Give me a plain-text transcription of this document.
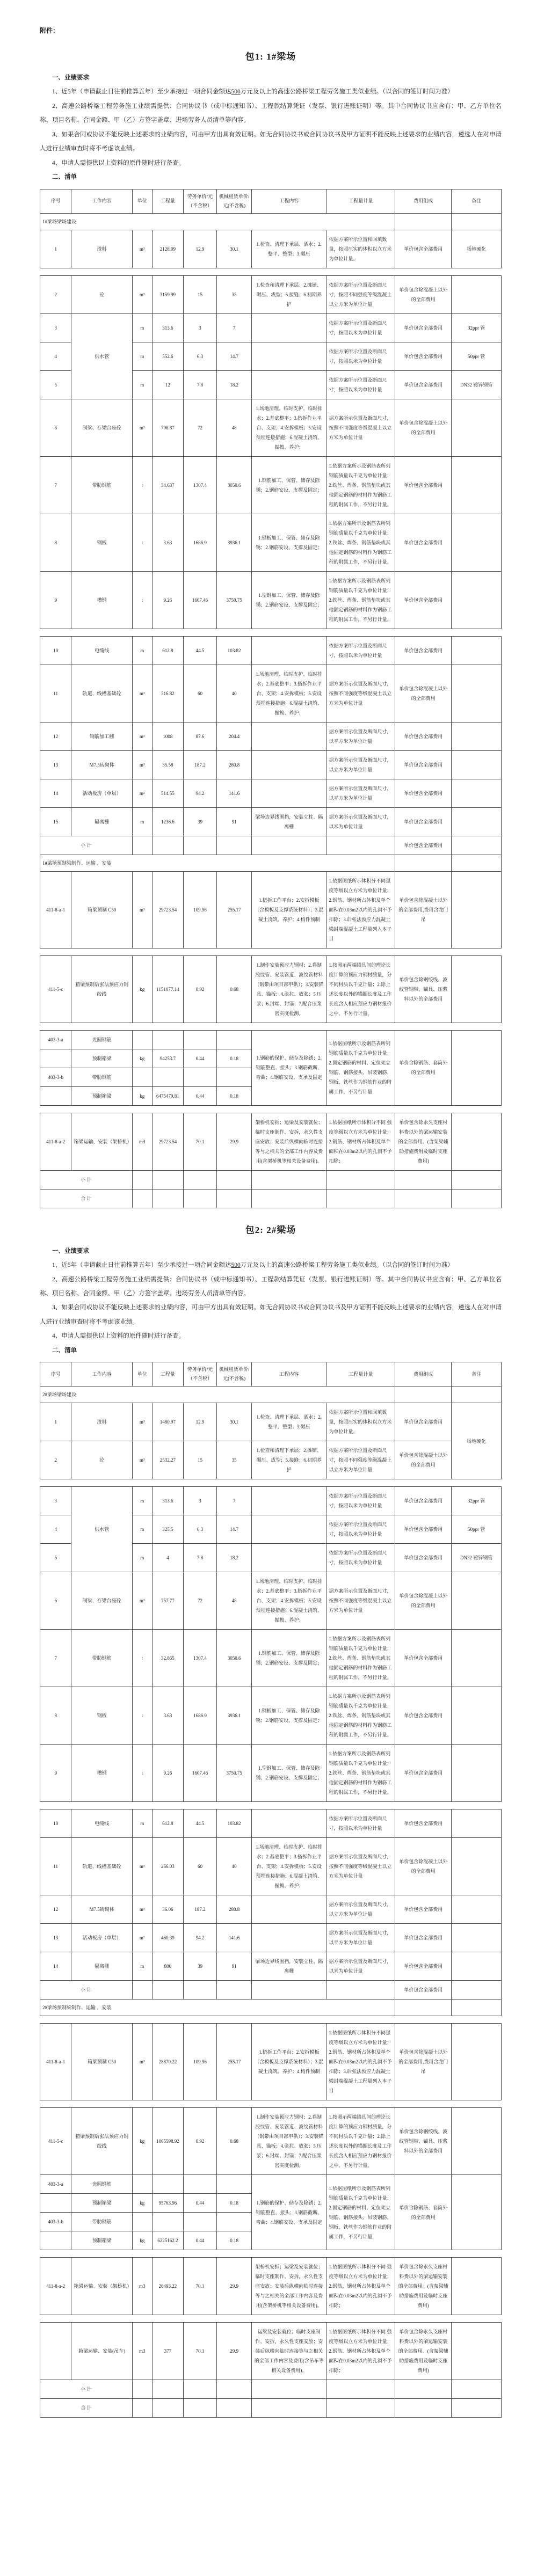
附件：

包1: 1#梁场

一、业绩要求

1、近5年（申请截止日往前推算五年）至少承接过一项合同金额达500万元及以上的高速公路桥梁工程劳务施工类似业绩。（以合同的签订时间为准）

2、高速公路桥梁工程劳务施工业绩需提供：合同协议书（或中标通知书）、工程款结算凭证（发票、银行进账证明）等。其中合同协议书应含有：甲、乙方单位名称、项目名称、合同金额、甲（乙）方签字盖章、进场劳务人员清单等内容。

3、如果合同或协议不能反映上述要求的业绩内容，可由甲方出具有效证明。如无合同协议书或合同协议书及甲方证明不能反映上述要求的业绩内容，遴选人在对申请人进行业绩审查时将不考虑该业绩。

4、申请人需提供以上资料的原件随时进行备查。

二、清单

序号	工作内容	单位	工程量	劳务单价/元（不含税）	机械租赁单价/元(不含税)	工程内容	工程量计量	费用组成	备注
1#梁场梁场建设									
1	渣料	m³	2128.09	12.9	30.1	1.检查、清理下承层、洒水；2.整平、整型；3.碾压	依据方案所示位置和回填数量，按照压实的体积以立方米为单位计量。	单价包含全部费用	场地硬化

2	砼	m³	3159.99	15	35	1.检查和清理下承层；2.摊铺、碾压、成型；5.接缝；6.初期养护	依据方案所示位置及断面尺寸，按照不同强度等级混凝土以立方米为单位计量	单价包含除混凝土以外的全部费用	
3	供水管	m	313.6	3	7		依据方案所示位置及断面尺寸，按照以米为单位计量	单价包含全部费用	32ppr 管
4		m	552.6	6.3	14.7		依据方案所示位置及断面尺寸，按照以米为单位计量	单价包含全部费用	50ppr 管
5		m	12	7.8	18.2		依据方案所示位置及断面尺寸，按照以米为单位计量	单价包含全部费用	DN32 镀锌钢管
6	制梁、存梁台座砼	m³	798.87	72	48	1.场地清理、临时支护、临时排水；2.基底整平；3.搭拆作业平台、支架；4.安拆模板；5.安设预埋连接措施；6.混凝土浇筑、振捣、养护；	据方案所示位置及断面尺寸，按照不同强度等级混凝土以立方米为单位计量	单价包含除混凝土以外的全部费用	
7	带肋钢筋	t	34.637	1307.4	3050.6	1.钢筋加工、保管、储存及除锈；2.钢筋安设、支撑及固定；	1.依据方案所示及钢筋表所列钢筋质量以千克为单位计量；2.铁丝、焊条、钢筋垫块或其他固定钢筋的材料作为钢筋工程的附属工作，不另行计量。	单价包含全部费用	
8	钢板	t	3.63	1686.9	3936.1	1.钢板加工、保管、储存及除锈；2.钢筋安设、支撑及固定；	1.依据方案所示及钢筋表所列钢筋质量以千克为单位计量；2.铁丝、焊条、钢筋垫块或其他固定钢筋的材料作为钢筋工程的附属工作，不另行计量。	单价包含全部费用	
9	槽钢	t	9.26	1607.46	3750.75	1.型钢加工、保管、储存及除锈；2.钢筋安设、支撑及固定；	1.依据方案所示及钢筋表所列钢筋质量以千克为单位计量；2.铁丝、焊条、钢筋垫块或其他固定钢筋的材料作为钢筋工程的附属工作，不另行计量。	单价包含全部费用	

10	电缆线	m	612.8	44.5	103.82		依据方案所示位置及断面尺寸，按照以米为单位计量	单价包含全部费用	
11	轨道、线槽基础砼	m³	316.82	60	40	1.场地清理、临时支护、临时排水；2.基底整平；3.搭拆作业平台、支架；4.安拆模板；5.安设预埋连接措施；6.混凝土浇筑、振捣、养护；	据方案所示位置及断面尺寸，按照不同强度等级混凝土以立方米为单位计量	单价包含除混凝土以外的全部费用	
12	钢筋加工棚	m²	1008	87.6	204.4		据方案所示位置及断面尺寸，以平方米为单位计量	单价包含全部费用	
13	M7.5砖砌体	m³	35.58	187.2	280.8		据方案所示位置及断面尺寸，以立方米为单位计量	单价包含全部费用	
14	活动板房（单层）	m²	514.55	94.2	141.6		据方案所示位置及断面尺寸，以平方米为单位计量	单价包含全部费用	
15	隔离栅	m	1236.6	39	91	梁场边界线围挡，安装立柱、隔离栅	据方案所示位置及断面尺寸，以米为单位计量	单价包含全部费用	
小 计								单价包含全部费用	
1#梁场预制梁制作、运输 、安装									
411-8-a-1	箱梁预制 C50	m³	29723.54	109.96	255.17	1.搭拆工作平台；2.安拆模板（含模板及支撑系统材料）；3.混凝土浇筑、养护；4.构件预制	1.依据图纸所示体积分不同强度等级以立方米为单位计量；2.钢筋、钢材所占体积及单个面积在0.03m2以内的孔洞不予扣除；3.后张法预应力混凝土梁封端混凝土工程量列入本子目	单价包含除混凝土以外的全部费用,费用含龙门吊	

411-5-c	箱梁预制后张法预应力钢绞线	kg	1151077.14	0.92	0.68	1.制作安装预应力钢材；2.卷制波纹管、安装管道、波纹管材料（钢带由项目部甲供）；3.安装锚具、锚板；4.张拉、放张；5.压浆；6.封端、封锚；7.配合压浆密实度检测。	1.按图示两端锚具间的理论长度计算的预应力钢材质量，分不同材质以千克计量；2.除上述长度以外的锚圈长度及工作长度含入相应预应力钢材报价之中，不另行计量。	单价包含除钢绞线、波纹管钢带、锚具、压浆料以外的全部费用	

403-3-a	光圆钢筋					1.钢筋的保护、储存及除锈；2.钢筋整直、接头；3.钢筋截断、弯曲；4.钢筋安设、支承及固定	1.依据图纸所示及钢筋表所列钢筋质量以千克为单位计量；2.固定钢筋的材料、定位架立钢筋、钢筋接头、吊装钢筋、钢板、铁丝作为钢筋作业的附属工作，不另行计量	单价含除钢筋、套筒外的全部费用	
	预制箱梁	kg	94253.7	0.44	0.18				
403-3-b	带肋钢筋								
	预制箱梁	kg	6475479.81	0.44	0.18				

411-8-a-2	箱梁运输、安装（架桥机）	m3	29723.54	70.1	29.9	架桥机安拆；运梁及安装就位；临时支座制作、安拆，永久性支座安放；安装后纵横向临时连接等与之相关的全部工作内容及费用(含架桥机等相关设备费用)。	1.依据图纸所示体积分不同 强度等级以立方米为单位计量；2.钢筋、钢材所占体积及单个面积在0.03m2以内的孔洞不予扣除；	单价包含除永久支座材料费以外的梁运输安装的全部费用。(含架梁辅助措施费用及临时支座费用)	
小 计									
合 计									
包2: 2#梁场

一、业绩要求

1、近5年（申请截止日往前推算五年）至少承接过一项合同金额达500万元及以上的高速公路桥梁工程劳务施工类似业绩。（以合同的签订时间为准）

2、高速公路桥梁工程劳务施工业绩需提供：合同协议书（或中标通知书）、工程款结算凭证（发票、银行进账证明）等。其中合同协议书应含有：甲、乙方单位名称、项目名称、合同金额、甲（乙）方签字盖章、进场劳务人员清单等内容。

3、如果合同或协议不能反映上述要求的业绩内容，可由甲方出具有效证明。如无合同协议书或合同协议书及甲方证明不能反映上述要求的业绩内容，遴选人在对申请人进行业绩审查时将不考虑该业绩。

4、申请人需提供以上资料的原件随时进行备查。

二、清单

序号	工作内容	单位	工程量	劳务单价/元（不含税）	机械租赁单价/元(不含税)	工程内容	工程量计量	费用组成	备注
2#梁场梁场建设									
1	渣料	m³	1480.97	12.9	30.1	1.检查、清理下承层、洒水；2.整平、整型；3.碾压	依据方案所示位置和回填数量，按照压实的体积以立方米为单位计量。	单价包含全部费用	场地硬化
2	砼	m³	2532.27	15	35	1.检查和清理下承层；2.摊铺、碾压、成型；5.接缝；6.初期养护	依据方案所示位置及断面尺寸，按照不同强度等级混凝土以立方米为单位计量	单价包含除混凝土以外的全部费用	

3	供水管	m	313.6	3	7		依据方案所示位置及断面尺寸，按照以米为单位计量	单价包含全部费用	32ppr 管
4		m	325.5	6.3	14.7		依据方案所示位置及断面尺寸，按照以米为单位计量	单价包含全部费用	50ppr 管
5		m	4	7.8	18.2		依据方案所示位置及断面尺寸，按照以米为单位计量	单价包含全部费用	DN32 镀锌钢管
6	制梁、存梁台座砼	m³	757.77	72	48	1.场地清理、临时支护、临时排水；2.基底整平；3.搭拆作业平台、支架；4.安拆模板；5.安设预埋连接措施；6.混凝土浇筑、振捣、养护；	据方案所示位置及断面尺寸，按照不同强度等级混凝土以立方米为单位计量	单价包含除混凝土以外的全部费用	
7	带肋钢筋	t	32.865	1307.4	3050.6	1.钢筋加工、保管、储存及除锈；2.钢筋安设、支撑及固定；	1.依据方案所示及钢筋表所列钢筋质量以千克为单位计量；2.铁丝、焊条、钢筋垫块或其他固定钢筋的材料作为钢筋工程的附属工作，不另行计量。	单价包含全部费用	
8	钢板	t	3.63	1686.9	3936.1	1.钢板加工、保管、储存及除锈；2.钢筋安设、支撑及固定；	1.依据方案所示及钢筋表所列钢筋质量以千克为单位计量；2.铁丝、焊条、钢筋垫块或其他固定钢筋的材料作为钢筋工程的附属工作，不另行计量。	单价包含全部费用	
9	槽钢	t	9.26	1607.46	3750.75	1.型钢加工、保管、储存及除锈；2.钢筋安设、支撑及固定；	1.依据方案所示及钢筋表所列钢筋质量以千克为单位计量；2.铁丝、焊条、钢筋垫块或其他固定钢筋的材料作为钢筋工程的附属工作，不另行计量。	单价包含全部费用	

10	电缆线	m	612.8	44.5	103.82		依据方案所示位置及断面尺寸，按照以米为单位计量	单价包含全部费用	
11	轨道、线槽基础砼	m³	266.03	60	40	1.场地清理、临时支护、临时排水；2.基底整平；3.搭拆作业平台、支架；4.安拆模板；5.安设预埋连接措施；6.混凝土浇筑、振捣、养护；	据方案所示位置及断面尺寸，按照不同强度等级混凝土以立方米为单位计量	单价包含除混凝土以外的全部费用	
12	M7.5砖砌体	m³	36.06	187.2	280.8		据方案所示位置及断面尺寸，以立方米为单位计量	单价包含全部费用	
13	活动板房（单层）	m²	460.39	94.2	141.6		据方案所示位置及断面尺寸，以平方米为单位计量	单价包含全部费用	
14	隔离栅	m	800	39	91	梁场边界线围挡，安装立柱、隔离栅	据方案所示位置及断面尺寸，以米为单位计量	单价包含全部费用	
小 计								单价包含全部费用	
2#梁场预制梁制作、运输 、安装									

411-8-a-1	箱梁预制 C50	m³	28870.22	109.96	255.17	1.搭拆工作平台；2.安拆模板（含模板及支撑系统材料）；3.混凝土浇筑、养护；4.构件预制	1.依据图纸所示体积分不同强度等级以立方米为单位计量；2.钢筋、钢材所占体积及单个面积在0.03m2以内的孔洞不予扣除；3.后张法预应力混凝土梁封端混凝土工程量列入本子目	单价包含除混凝土以外的全部费用,费用含龙门吊	

411-5-c	箱梁预制后张法预应力钢绞线	kg	1065598.92	0.92	0.68	1.制作安装预应力钢材；2.卷制波纹管、安装管道、波纹管材料（钢带由项目部甲供）；3.安装锚具、锚板；4.张拉、放张；5.压浆；6.封端、封锚；7.配合压浆密实度检测。	1.按图示两端锚具间的理论长度计算的预应力钢材质量，分不同材质以千克计量；2.除上述长度以外的锚圈长度及工作长度含入相应预应力钢材报价之中，不另行计量。	单价包含除钢绞线、波纹管钢带、锚具、压浆料以外的全部费用	
403-3-a	光圆钢筋					1.钢筋的保护、储存及除锈；2.钢筋整直、接头；3.钢筋截断、弯曲；4.钢筋安设、支承及固定	1.依据图纸所示及钢筋表所列钢筋质量以千克为单位计量；2.固定钢筋的材料、定位架立钢筋、钢筋接头、吊装钢筋、钢板、铁丝作为钢筋作业的附属工作，不另行计量	单价含除钢筋、套筒外的全部费用	
	预制箱梁	kg	95763.96	0.44	0.18				
403-3-b	带肋钢筋								
	预制箱梁	kg	6225162.2	0.44	0.18				

411-8-a-2	箱梁运输、安装（架桥机）	m3	28493.22	70.1	29.9	架桥机安拆；运梁及安装就位；临时支座制作、安拆，永久性支座安放；安装后纵横向临时连接等与之相关的全部工作内容及费用(含架桥机等相关设备费用)。	1.依据图纸所示体积分不同 强度等级以立方米为单位计量；2.钢筋、钢材所占体积及单个面积在0.03m2以内的孔洞不予扣除；	单价包含除永久支座材料费以外的梁运输安装的全部费用。(含架梁辅助措施费用及临时支座费用)	

	箱梁运输、安装(吊车)	m3	377	70.1	29.9	运梁及安装就位；临时支座制作、安拆，永久性支座安放；安装后纵横向临时连接等与之相关的全部工作内容及费用(含吊车等相关设备费用)。	1.依据图纸所示体积分不同 强度等级以立方米为单位计量；2.钢筋、钢材所占体积及单个面积在0.03m2以内的孔洞不予扣除；	单价包含除永久支座材料费以外的梁运输安装的全部费用。(含架梁辅助措施费用及临时支座费用)	
小 计									
合 计									
